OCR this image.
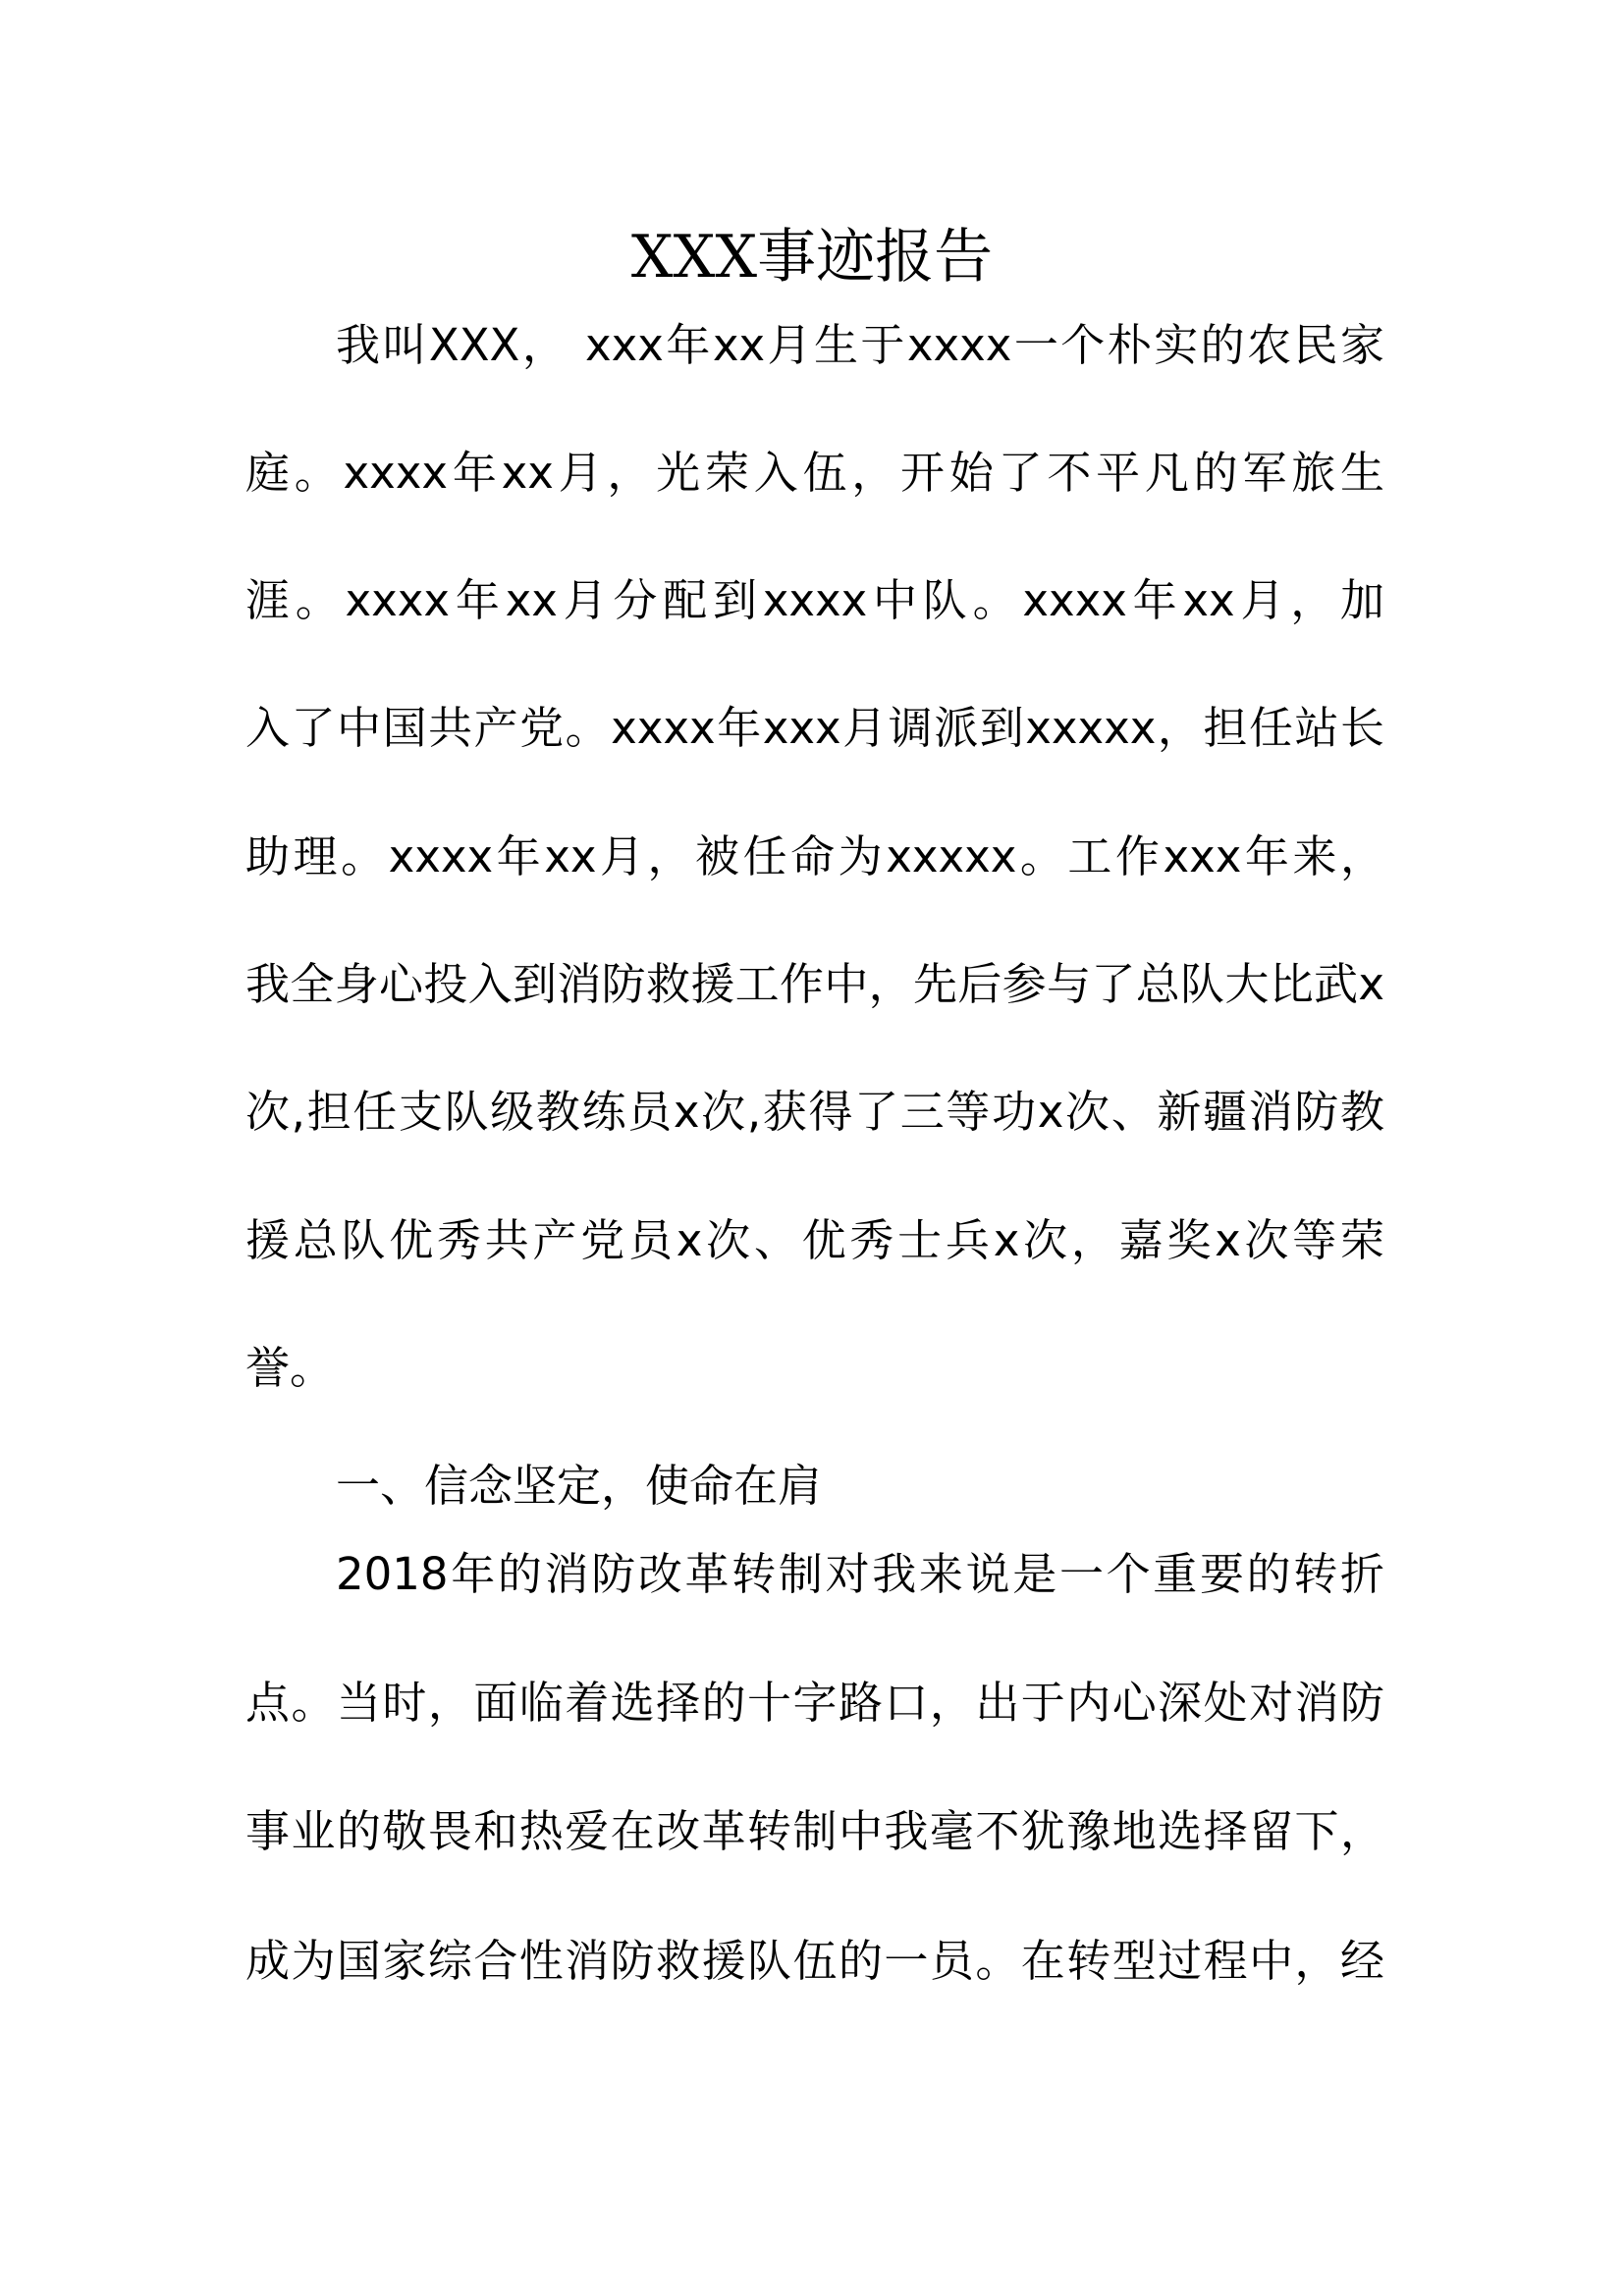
XXX事迹报告
我叫XXX， xxx年xx月生于xxxx一个朴实的农民家
庭。xxxx年xx月，光荣入伍，开始了不平凡的军旅生
涯。xxxx年xx月分配到xxxx中队。xxxx年xx月，加
入了中国共产党。xxxx年xxx月调派到xxxxx，担任站长
助理。xxxx年xx月，被任命为xxxxx。工作xxx年来，
我全身心投入到消防救援工作中，先后参与了总队大比武x
次,担任支队级教练员x次,获得了三等功x次、新疆消防教
援总队优秀共产党员x次、优秀士兵x次，嘉奖x次等荣
誉。
一、信念坚定，使命在肩
2018年的消防改革转制对我来说是一个重要的转折
点。当时，面临着选择的十字路口，出于内心深处对消防
事业的敬畏和热爱在改革转制中我毫不犹豫地选择留下，
成为国家综合性消防救援队伍的一员。在转型过程中，经
